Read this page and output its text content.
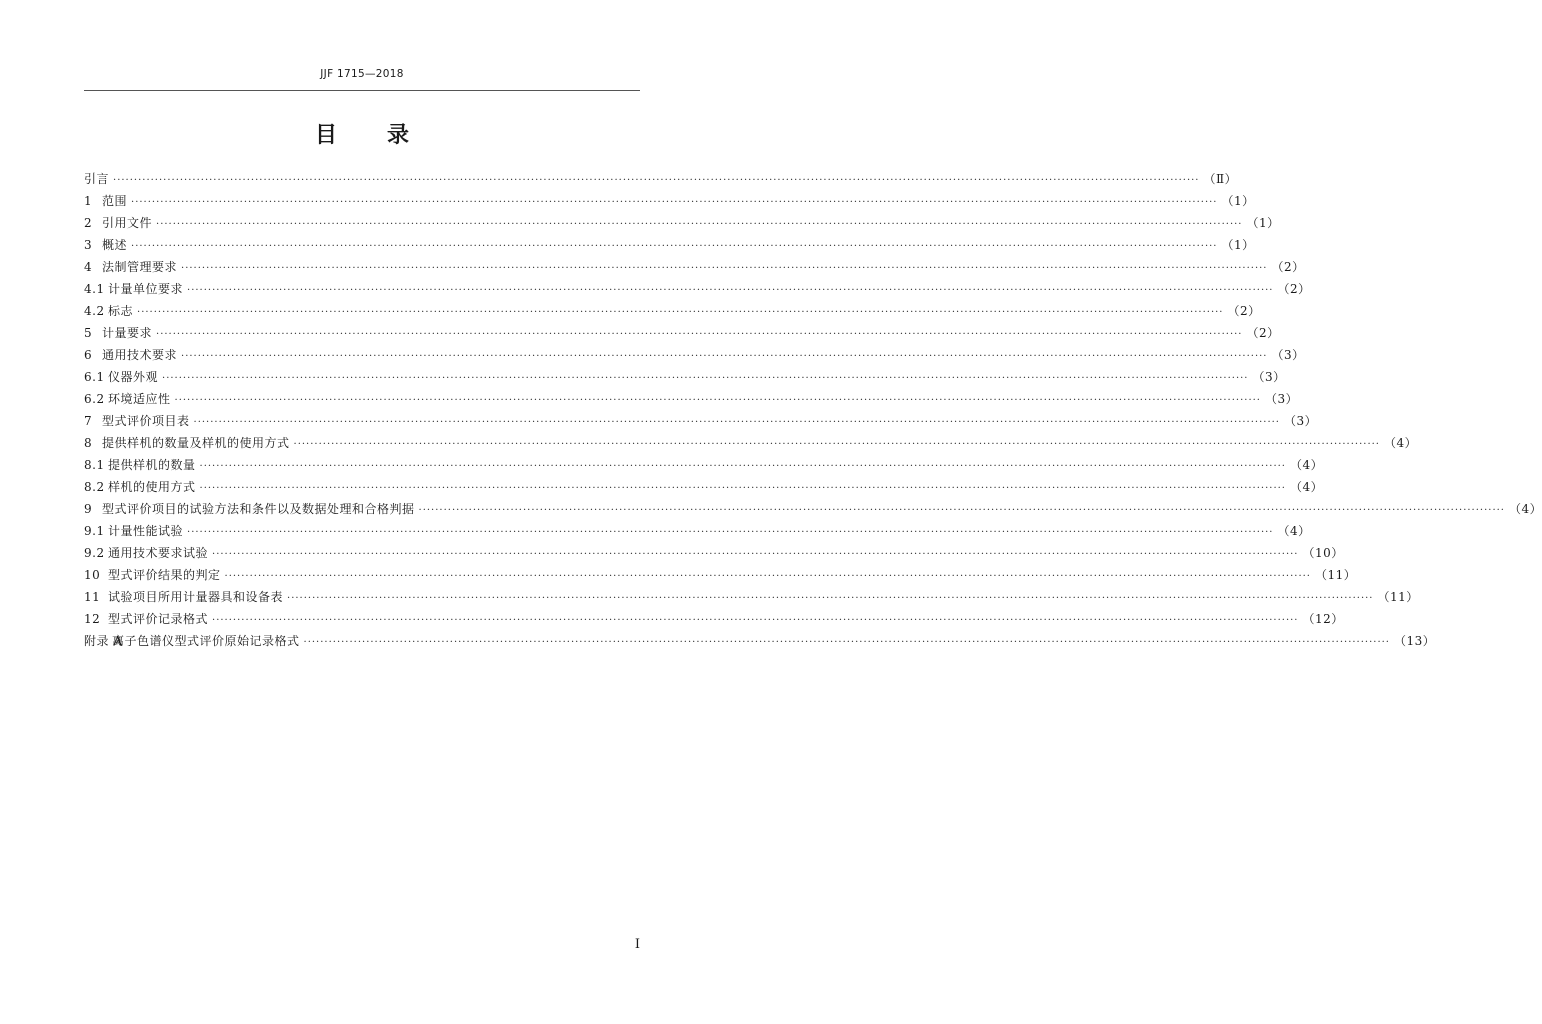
JJF 1715—2018
目 录
引言 ···································································································································································································································································· （Ⅱ）
1 范围 ···································································································································································································································································· （1）
2 引用文件 ···································································································································································································································································· （1）
3 概述 ···································································································································································································································································· （1）
4 法制管理要求 ···································································································································································································································································· （2）
4.1 计量单位要求 ···································································································································································································································································· （2）
4.2 标志 ···································································································································································································································································· （2）
5 计量要求 ···································································································································································································································································· （2）
6 通用技术要求 ···································································································································································································································································· （3）
6.1 仪器外观 ···································································································································································································································································· （3）
6.2 环境适应性 ···································································································································································································································································· （3）
7 型式评价项目表 ···································································································································································································································································· （3）
8 提供样机的数量及样机的使用方式 ···································································································································································································································································· （4）
8.1 提供样机的数量 ···································································································································································································································································· （4）
8.2 样机的使用方式 ···································································································································································································································································· （4）
9 型式评价项目的试验方法和条件以及数据处理和合格判据 ···································································································································································································································································· （4）
9.1 计量性能试验 ···································································································································································································································································· （4）
9.2 通用技术要求试验 ···································································································································································································································································· （10）
10 型式评价结果的判定 ···································································································································································································································································· （11）
11 试验项目所用计量器具和设备表 ···································································································································································································································································· （11）
12 型式评价记录格式 ···································································································································································································································································· （12）
附录 A离子色谱仪型式评价原始记录格式 ···································································································································································································································································· （13）
I
